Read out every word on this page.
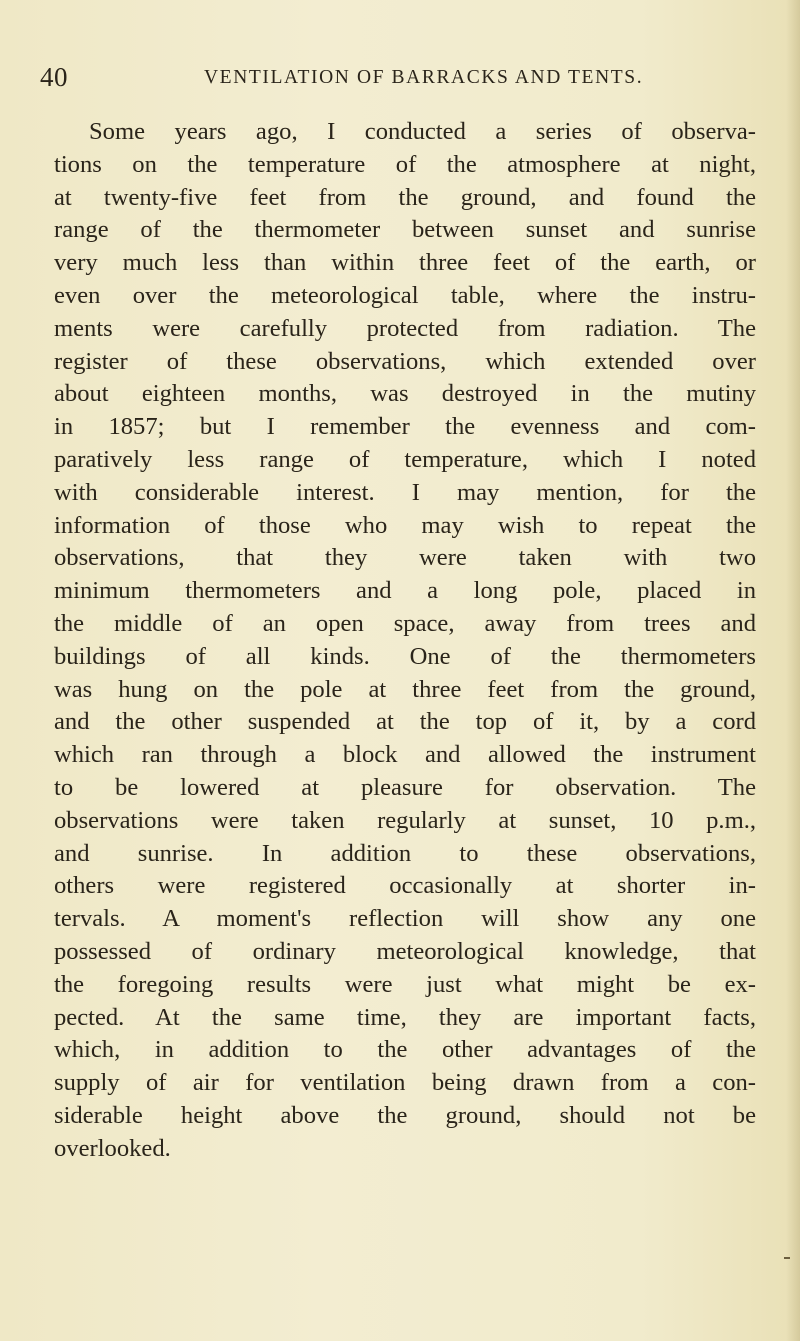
40	VENTILATION OF BARRACKS AND TENTS.
Some years ago, I conducted a series of observa-
tions on the temperature of the atmosphere at night,
at twenty-five feet from the ground, and found the
range of the thermometer between sunset and sunrise
very much less than within three feet of the earth, or
even over the meteorological table, where the instru-
ments were carefully protected from radiation. The
register of these observations, which extended over
about eighteen months, was destroyed in the mutiny
in 1857; but I remember the evenness and com-
paratively less range of temperature, which I noted
with considerable interest. I may mention, for the
information of those who may wish to repeat the
observations, that they were taken with two
minimum thermometers and a long pole, placed in
the middle of an open space, away from trees and
buildings of all kinds. One of the thermometers
was hung on the pole at three feet from the ground,
and the other suspended at the top of it, by a cord
which ran through a block and allowed the instrument
to be lowered at pleasure for observation. The
observations were taken regularly at sunset, 10 p.m.,
and sunrise. In addition to these observations,
others were registered occasionally at shorter in-
tervals. A moment's reflection will show any one
possessed of ordinary meteorological knowledge, that
the foregoing results were just what might be ex-
pected. At the same time, they are important facts,
which, in addition to the other advantages of the
supply of air for ventilation being drawn from a con-
siderable height above the ground, should not be
overlooked.
